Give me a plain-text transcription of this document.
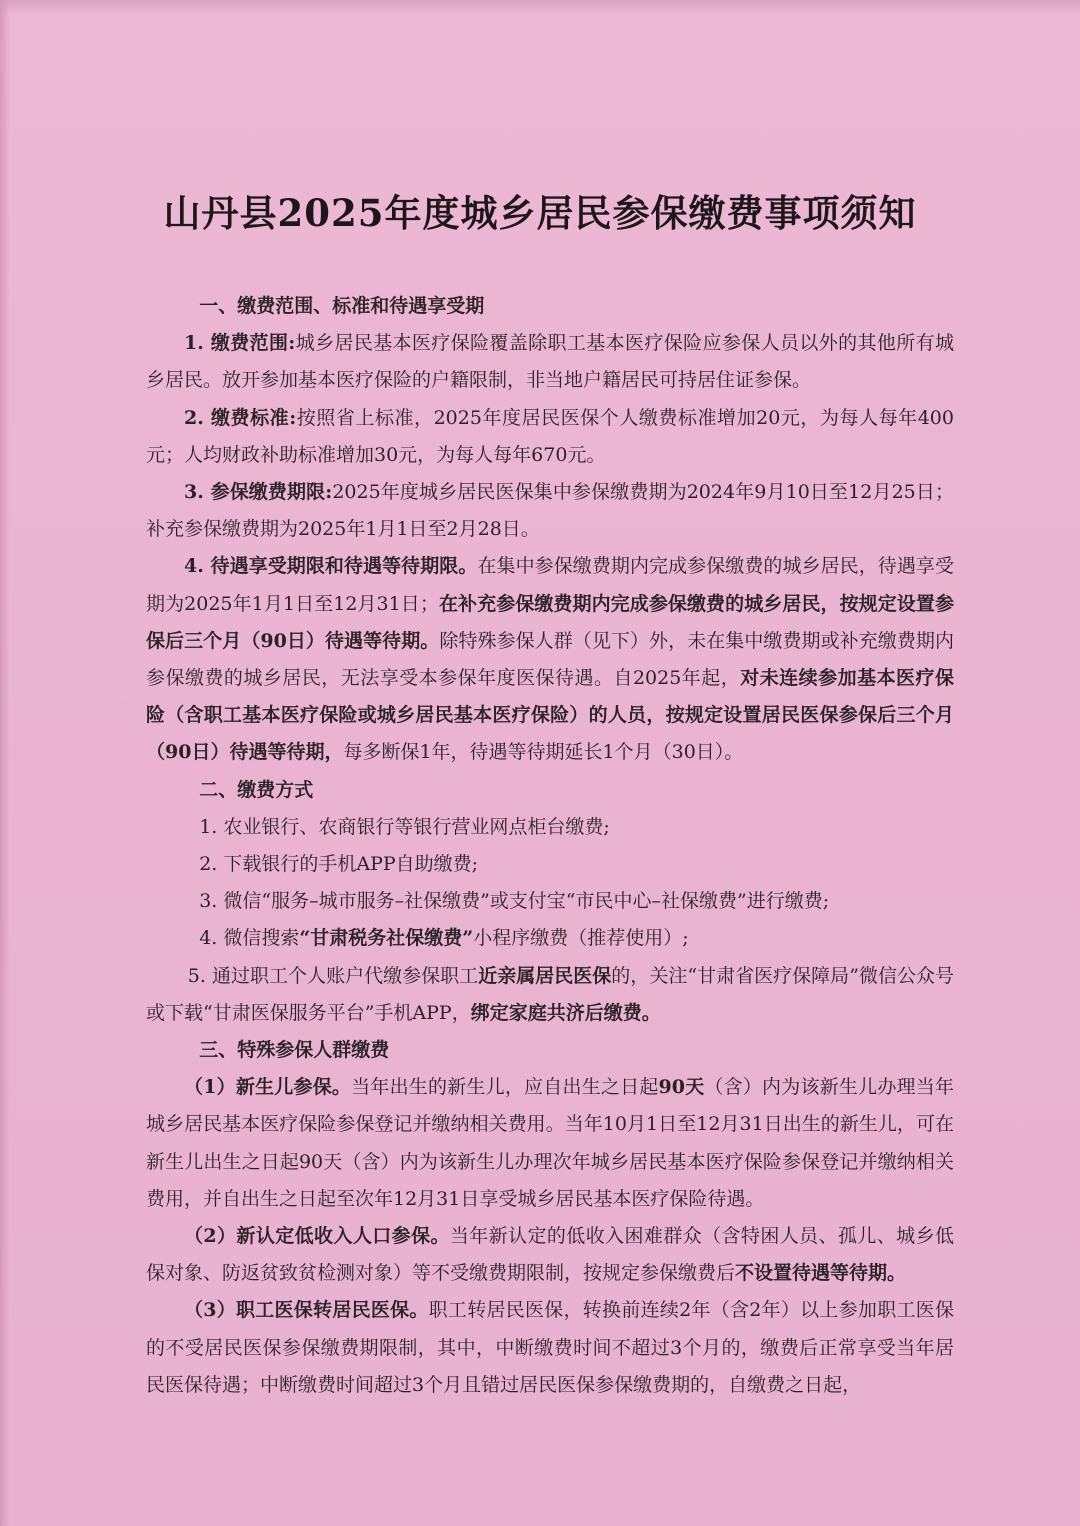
山丹县2025年度城乡居民参保缴费事项须知

一、缴费范围、标准和待遇享受期

1. 缴费范围:城乡居民基本医疗保险覆盖除职工基本医疗保险应参保人员以外的其他所有城乡居民。放开参加基本医疗保险的户籍限制，非当地户籍居民可持居住证参保。

2. 缴费标准:按照省上标准，2025年度居民医保个人缴费标准增加20元，为每人每年400元；人均财政补助标准增加30元，为每人每年670元。

3. 参保缴费期限:2025年度城乡居民医保集中参保缴费期为2024年9月10日至12月25日；补充参保缴费期为2025年1月1日至2月28日。

4. 待遇享受期限和待遇等待期限。在集中参保缴费期内完成参保缴费的城乡居民，待遇享受期为2025年1月1日至12月31日；在补充参保缴费期内完成参保缴费的城乡居民，按规定设置参保后三个月（90日）待遇等待期。除特殊参保人群（见下）外，未在集中缴费期或补充缴费期内参保缴费的城乡居民，无法享受本参保年度医保待遇。自2025年起，对未连续参加基本医疗保险（含职工基本医疗保险或城乡居民基本医疗保险）的人员，按规定设置居民医保参保后三个月（90日）待遇等待期，每多断保1年，待遇等待期延长1个月（30日）。

二、缴费方式

1. 农业银行、农商银行等银行营业网点柜台缴费;

2. 下载银行的手机APP自助缴费;

3. 微信“服务–城市服务–社保缴费”或支付宝“市民中心–社保缴费”进行缴费;

4. 微信搜索“甘肃税务社保缴费”小程序缴费（推荐使用）;

5. 通过职工个人账户代缴参保职工近亲属居民医保的，关注“甘肃省医疗保障局”微信公众号或下载“甘肃医保服务平台”手机APP，绑定家庭共济后缴费。

三、特殊参保人群缴费

（1）新生儿参保。当年出生的新生儿，应自出生之日起90天（含）内为该新生儿办理当年城乡居民基本医疗保险参保登记并缴纳相关费用。当年10月1日至12月31日出生的新生儿，可在新生儿出生之日起90天（含）内为该新生儿办理次年城乡居民基本医疗保险参保登记并缴纳相关费用，并自出生之日起至次年12月31日享受城乡居民基本医疗保险待遇。

（2）新认定低收入人口参保。当年新认定的低收入困难群众（含特困人员、孤儿、城乡低保对象、防返贫致贫检测对象）等不受缴费期限制，按规定参保缴费后不设置待遇等待期。

（3）职工医保转居民医保。职工转居民医保，转换前连续2年（含2年）以上参加职工医保的不受居民医保参保缴费期限制，其中，中断缴费时间不超过3个月的，缴费后正常享受当年居民医保待遇；中断缴费时间超过3个月且错过居民医保参保缴费期的，自缴费之日起，
